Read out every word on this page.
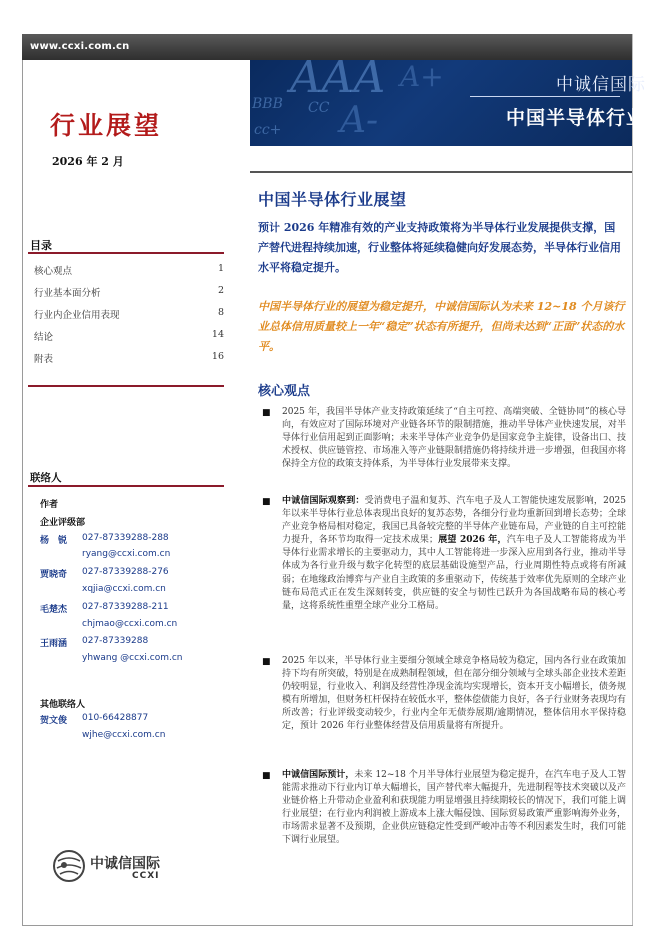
www.ccxi.com.cn
AAA
A-
BBB CC
A+
cc+
中诚信国际
中国半导体行业
行业展望
2026 年 2 月
目录
核心观点	1
行业基本面分析	2
行业内企业信用表现	8
结论	14
附表	16
联络人
作者
企业评级部
杨　锐 027-87339288-288
ryang@ccxi.com.cn
贾晓奇 027-87339288-276
xqjia@ccxi.com.cn
毛楚杰 027-87339288-211
chjmao@ccxi.com.cn
王雨涵 027-87339288
yhwang @ccxi.com.cn
其他联络人
贺文俊 010-66428877
wjhe@ccxi.com.cn
中诚信国际
CCXI
中国半导体行业展望
预计 2026 年精准有效的产业支持政策将为半导体行业发展提供支撑，国产替代进程持续加速，行业整体将延续稳健向好发展态势，半导体行业信用水平将稳定提升。
中国半导体行业的展望为稳定提升，中诚信国际认为未来 12~18 个月该行业总体信用质量较上一年“稳定”状态有所提升，但尚未达到“正面”状态的水平。
核心观点
■ 2025 年，我国半导体产业支持政策延续了“自主可控、高端突破、全链协同”的核心导向，有效应对了国际环境对产业链各环节的限制措施，推动半导体产业快速发展，对半导体行业信用起到正面影响；未来半导体产业竞争仍是国家竞争主旋律，设备出口、技术授权、供应链管控、市场准入等产业链限制措施仍将持续并进一步增强，但我国亦将保持全方位的政策支持体系，为半导体行业发展带来支撑。
■ 中诚信国际观察到：受消费电子温和复苏、汽车电子及人工智能快速发展影响，2025 年以来半导体行业总体表现出良好的复苏态势，各细分行业均重新回到增长态势；全球产业竞争格局相对稳定，我国已具备较完整的半导体产业链布局，产业链的自主可控能力提升，各环节均取得一定技术成果；展望 2026 年，汽车电子及人工智能将成为半导体行业需求增长的主要驱动力，其中人工智能将进一步深入应用到各行业，推动半导体成为各行业升级与数字化转型的底层基础设施型产品，行业周期性特点或将有所减弱；在地缘政治博弈与产业自主政策的多重驱动下，传统基于效率优先原则的全球产业链布局范式正在发生深刻转变，供应链的安全与韧性已跃升为各国战略布局的核心考量，这将系统性重塑全球产业分工格局。
■ 2025 年以来，半导体行业主要细分领域全球竞争格局较为稳定，国内各行业在政策加持下均有所突破，特别是在成熟制程领域，但在部分细分领域与全球头部企业技术差距仍较明显，行业收入、利润及经营性净现金流均实现增长，资本开支小幅增长，债务规模有所增加，但财务杠杆保持在较低水平，整体偿债能力良好，各子行业财务表现均有所改善；行业评级变动较少，行业内全年无债券展期/逾期情况，整体信用水平保持稳定，预计 2026 年行业整体经营及信用质量将有所提升。
■ 中诚信国际预计，未来 12~18 个月半导体行业展望为稳定提升，在汽车电子及人工智能需求推动下行业内订单大幅增长，国产替代率大幅提升，先进制程等技术突破以及产业链价格上升带动企业盈利和获现能力明显增强且持续期较长的情况下，我们可能上调行业展望；在行业内利润被上游成本上涨大幅侵蚀、国际贸易政策严重影响海外业务，市场需求显著不及预期，企业供应链稳定性受到严峻冲击等不利因素发生时，我们可能下调行业展望。
